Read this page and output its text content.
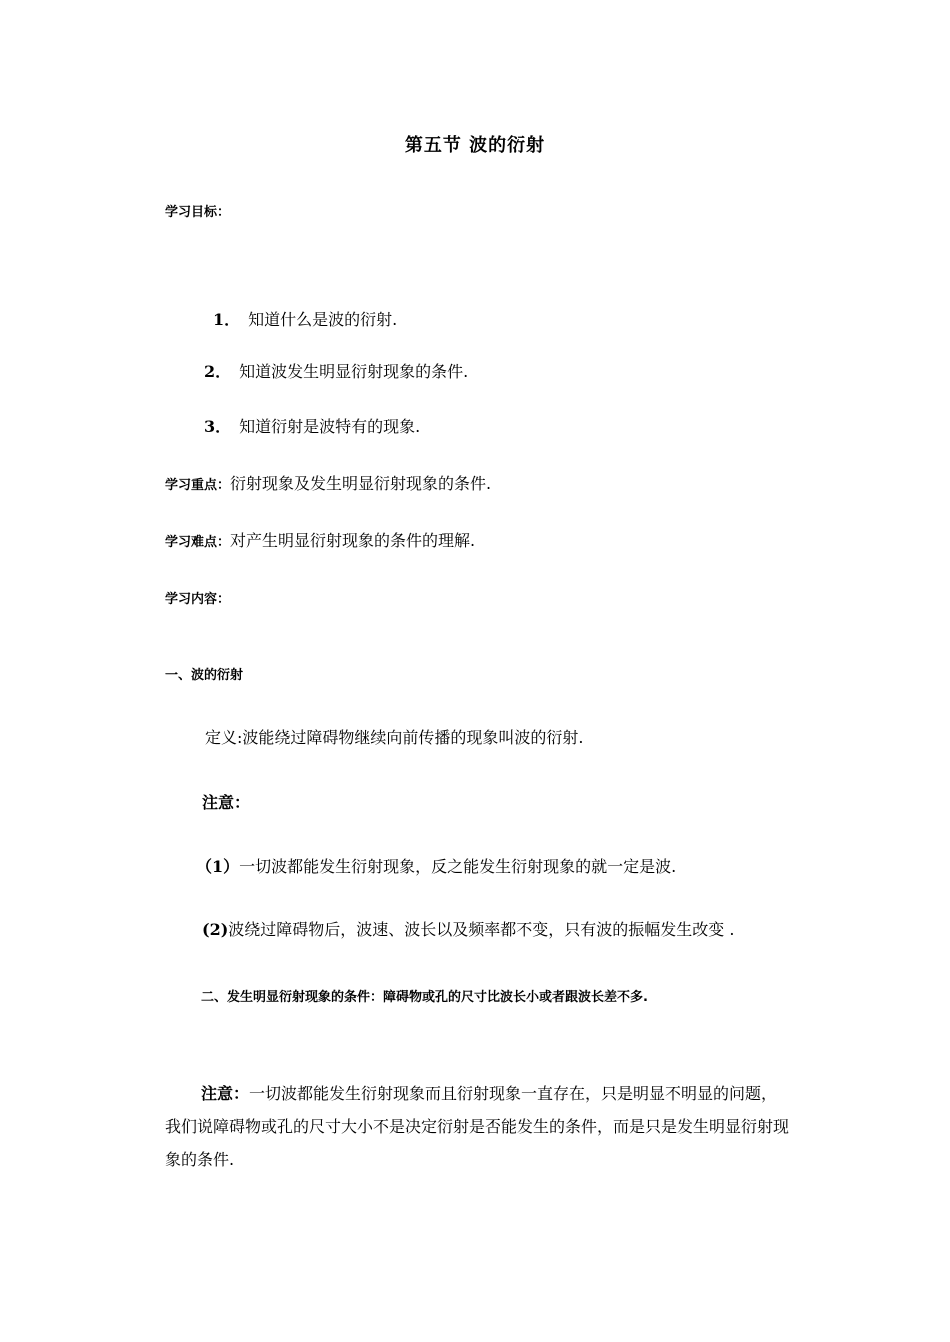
第五节 波的衍射
学习目标：
1． 知道什么是波的衍射.
2． 知道波发生明显衍射现象的条件.
3． 知道衍射是波特有的现象.
学习重点：衍射现象及发生明显衍射现象的条件.
学习难点：对产生明显衍射现象的条件的理解.
学习内容：
一、波的衍射
定义:波能绕过障碍物继续向前传播的现象叫波的衍射.
注意：
（1）一切波都能发生衍射现象，反之能发生衍射现象的就一定是波.
(2)波绕过障碍物后，波速、波长以及频率都不变，只有波的振幅发生改变 .
二、发生明显衍射现象的条件：障碍物或孔的尺寸比波长小或者跟波长差不多.
注意：一切波都能发生衍射现象而且衍射现象一直存在，只是明显不明显的问题，我们说障碍物或孔的尺寸大小不是决定衍射是否能发生的条件，而是只是发生明显衍射现象的条件.
